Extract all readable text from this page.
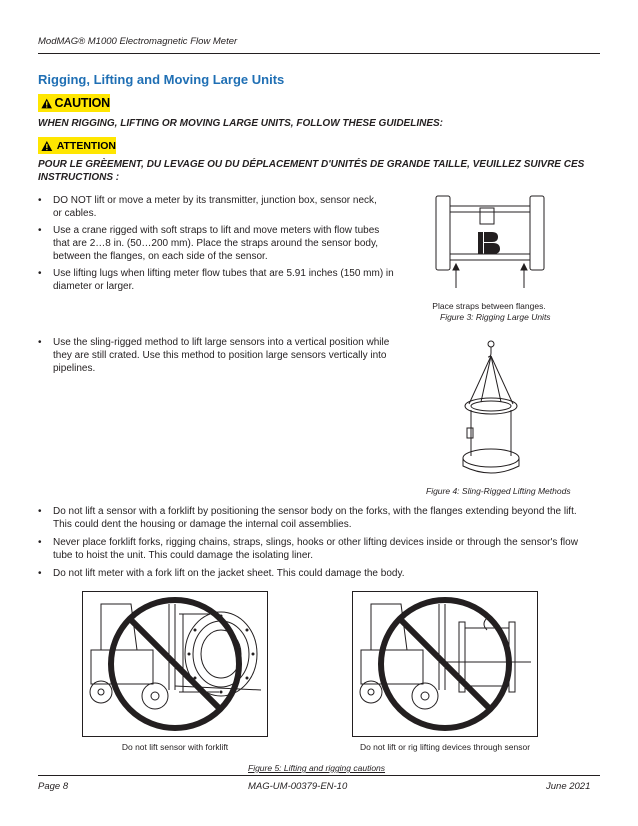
ModMAG® M1000 Electromagnetic Flow Meter
Rigging, Lifting and Moving Large Units
CAUTION
WHEN RIGGING, LIFTING OR MOVING LARGE UNITS, FOLLOW THESE GUIDELINES:
ATTENTION
POUR LE GRÈEMENT, DU LEVAGE OU DU DÉPLACEMENT D'UNITÉS DE GRANDE TAILLE, VEUILLEZ SUIVRE CES
INSTRUCTIONS :
• DO NOT lift or move a meter by its transmitter, junction box, sensor neck,
or cables.
• Use a crane rigged with soft straps to lift and move meters with flow tubes
that are 2…8 in. (50…200 mm). Place the straps around the sensor body,
between the flanges, on each side of the sensor.
• Use lifting lugs when lifting meter flow tubes that are 5.91 inches (150 mm) in
diameter or larger.
Place straps between flanges.
Figure 3: Rigging Large Units
• Use the sling-rigged method to lift large sensors into a vertical position while
they are still crated. Use this method to position large sensors vertically into
pipelines.
Figure 4: Sling-Rigged Lifting Methods
• Do not lift a sensor with a forklift by positioning the sensor body on the forks, with the flanges extending beyond the lift.
This could dent the housing or damage the internal coil assemblies.
• Never place forklift forks, rigging chains, straps, slings, hooks or other lifting devices inside or through the sensor's flow
tube to hoist the unit. This could damage the isolating liner.
• Do not lift meter with a fork lift on the jacket sheet. This could damage the body.
Do not lift sensor with forklift	Do not lift or rig lifting devices through sensor
Figure 5: Lifting and rigging cautions
Page 8	MAG-UM-00379-EN-10	June 2021
